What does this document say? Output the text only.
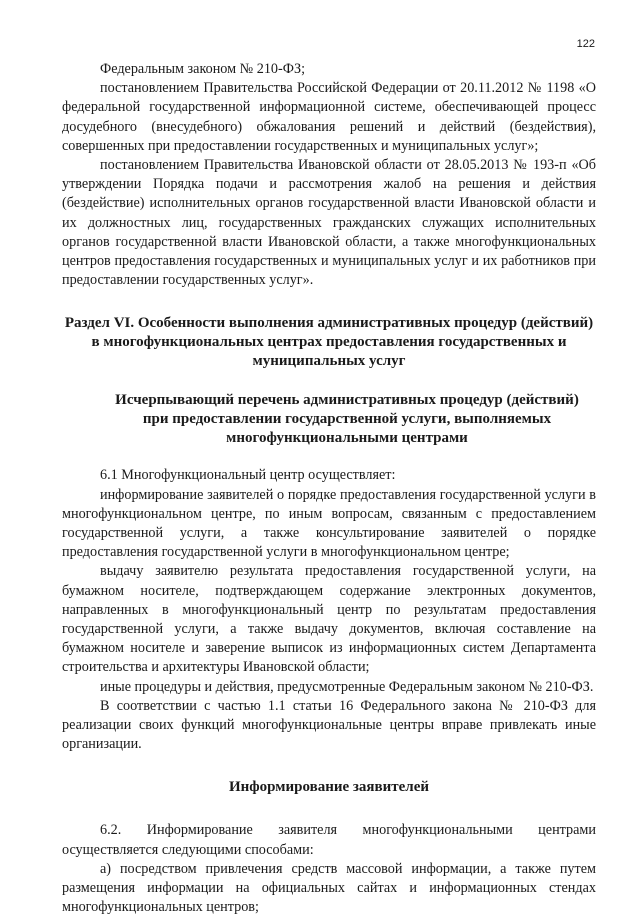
122

Федеральным законом № 210-ФЗ;

постановлением Правительства Российской Федерации от 20.11.2012 № 1198 «О федеральной государственной информационной системе, обеспечивающей процесс досудебного (внесудебного) обжалования решений и действий (бездействия), совершенных при предоставлении государственных и муниципальных услуг»;

постановлением Правительства Ивановской области от 28.05.2013 № 193-п «Об утверждении Порядка подачи и рассмотрения жалоб на решения и действия (бездействие) исполнительных органов государственной власти Ивановской области и их должностных лиц, государственных гражданских служащих исполнительных органов государственной власти Ивановской области, а также многофункциональных центров предоставления государственных и муниципальных услуг и их работников при предоставлении государственных услуг».

Раздел VI. Особенности выполнения административных процедур (действий) в многофункциональных центрах предоставления государственных и муниципальных услуг
Исчерпывающий перечень административных процедур (действий) при предоставлении государственной услуги, выполняемых многофункциональными центрами

6.1 Многофункциональный центр осуществляет:

информирование заявителей о порядке предоставления государственной услуги в многофункциональном центре, по иным вопросам, связанным с предоставлением государственной услуги, а также консультирование заявителей о порядке предоставления государственной услуги в многофункциональном центре;

выдачу заявителю результата предоставления государственной услуги, на бумажном носителе, подтверждающем содержание электронных документов, направленных в многофункциональный центр по результатам предоставления государственной услуги, а также выдачу документов, включая составление на бумажном носителе и заверение выписок из информационных систем Департамента строительства и архитектуры Ивановской области;

иные процедуры и действия, предусмотренные Федеральным законом № 210-ФЗ.

В соответствии с частью 1.1 статьи 16 Федерального закона № 210-ФЗ для реализации своих функций многофункциональные центры вправе привлекать иные организации.

Информирование заявителей

6.2. Информирование заявителя многофункциональными центрами осуществляется следующими способами:

а) посредством привлечения средств массовой информации, а также путем размещения информации на официальных сайтах и информационных стендах многофункциональных центров;
